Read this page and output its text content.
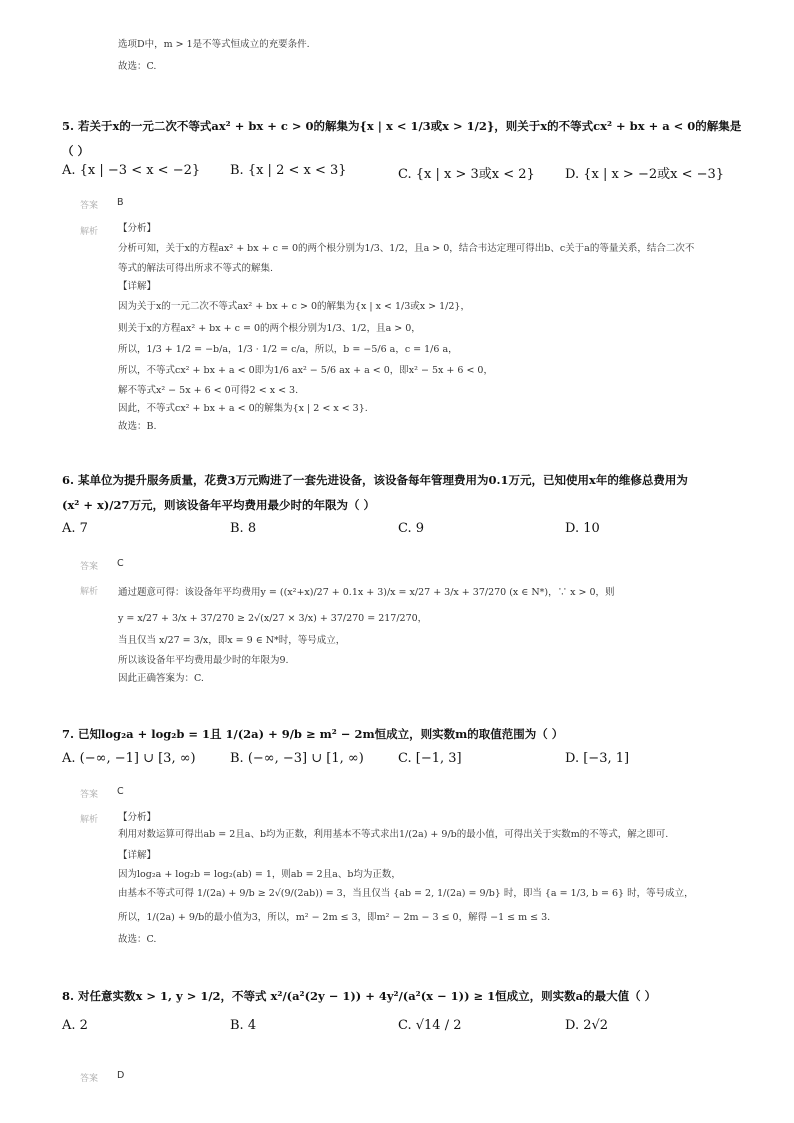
选项D中，m > 1是不等式恒成立的充要条件.
故选：C.
5. 若关于x的一元二次不等式ax² + bx + c > 0的解集为{x | x < 1/3或x > 1/2}，则关于x的不等式cx² + bx + a < 0的解集是
（ ）
A. {x | −3 < x < −2} B. {x | 2 < x < 3}	C. {x | x > 3或x < 2} D. {x | x > −2或x < −3}
答案 B
解析 【分析】
分析可知，关于x的方程ax² + bx + c = 0的两个根分别为1/3、1/2，且a > 0，结合韦达定理可得出b、c关于a的等量关系，结合二次不
等式的解法可得出所求不等式的解集.
【详解】
因为关于x的一元二次不等式ax² + bx + c > 0的解集为{x | x < 1/3或x > 1/2}，
则关于x的方程ax² + bx + c = 0的两个根分别为1/3、1/2，且a > 0，
所以，1/3 + 1/2 = −b/a，1/3 · 1/2 = c/a，所以，b = −5/6 a，c = 1/6 a，
所以，不等式cx² + bx + a < 0即为1/6 ax² − 5/6 ax + a < 0，即x² − 5x + 6 < 0，
解不等式x² − 5x + 6 < 0可得2 < x < 3.
因此，不等式cx² + bx + a < 0的解集为{x | 2 < x < 3}.
故选：B.
6. 某单位为提升服务质量，花费3万元购进了一套先进设备，该设备每年管理费用为0.1万元，已知使用x年的维修总费用为
(x² + x)/27万元，则该设备年平均费用最少时的年限为（ ）
A. 7	B. 8	C. 9	D. 10
答案 C
解析 通过题意可得：该设备年平均费用y = ((x²+x)/27 + 0.1x + 3)/x = x/27 + 3/x + 37/270 (x ∈ N*)，∵ x > 0，则
y = x/27 + 3/x + 37/270 ≥ 2√(x/27 × 3/x) + 37/270 = 217/270，
当且仅当 x/27 = 3/x，即x = 9 ∈ N*时，等号成立，
所以该设备年平均费用最少时的年限为9.
因此正确答案为：C.
7. 已知log₂a + log₂b = 1且 1/(2a) + 9/b ≥ m² − 2m恒成立，则实数m的取值范围为（ ）
A. (−∞, −1] ∪ [3, ∞)	B. (−∞, −3] ∪ [1, ∞)	C. [−1, 3]	D. [−3, 1]
答案 C
解析 【分析】
利用对数运算可得出ab = 2且a、b均为正数，利用基本不等式求出1/(2a) + 9/b的最小值，可得出关于实数m的不等式，解之即可.
【详解】
因为log₂a + log₂b = log₂(ab) = 1，则ab = 2且a、b均为正数，
由基本不等式可得 1/(2a) + 9/b ≥ 2√(9/(2ab)) = 3，当且仅当 {ab = 2, 1/(2a) = 9/b} 时，即当 {a = 1/3, b = 6} 时，等号成立，
所以，1/(2a) + 9/b的最小值为3，所以，m² − 2m ≤ 3，即m² − 2m − 3 ≤ 0，解得 −1 ≤ m ≤ 3.
故选：C.
8. 对任意实数x > 1, y > 1/2，不等式 x²/(a²(2y − 1)) + 4y²/(a²(x − 1)) ≥ 1恒成立，则实数a的最大值（ ）
A. 2	B. 4	C. √14 / 2	D. 2√2
答案 D
